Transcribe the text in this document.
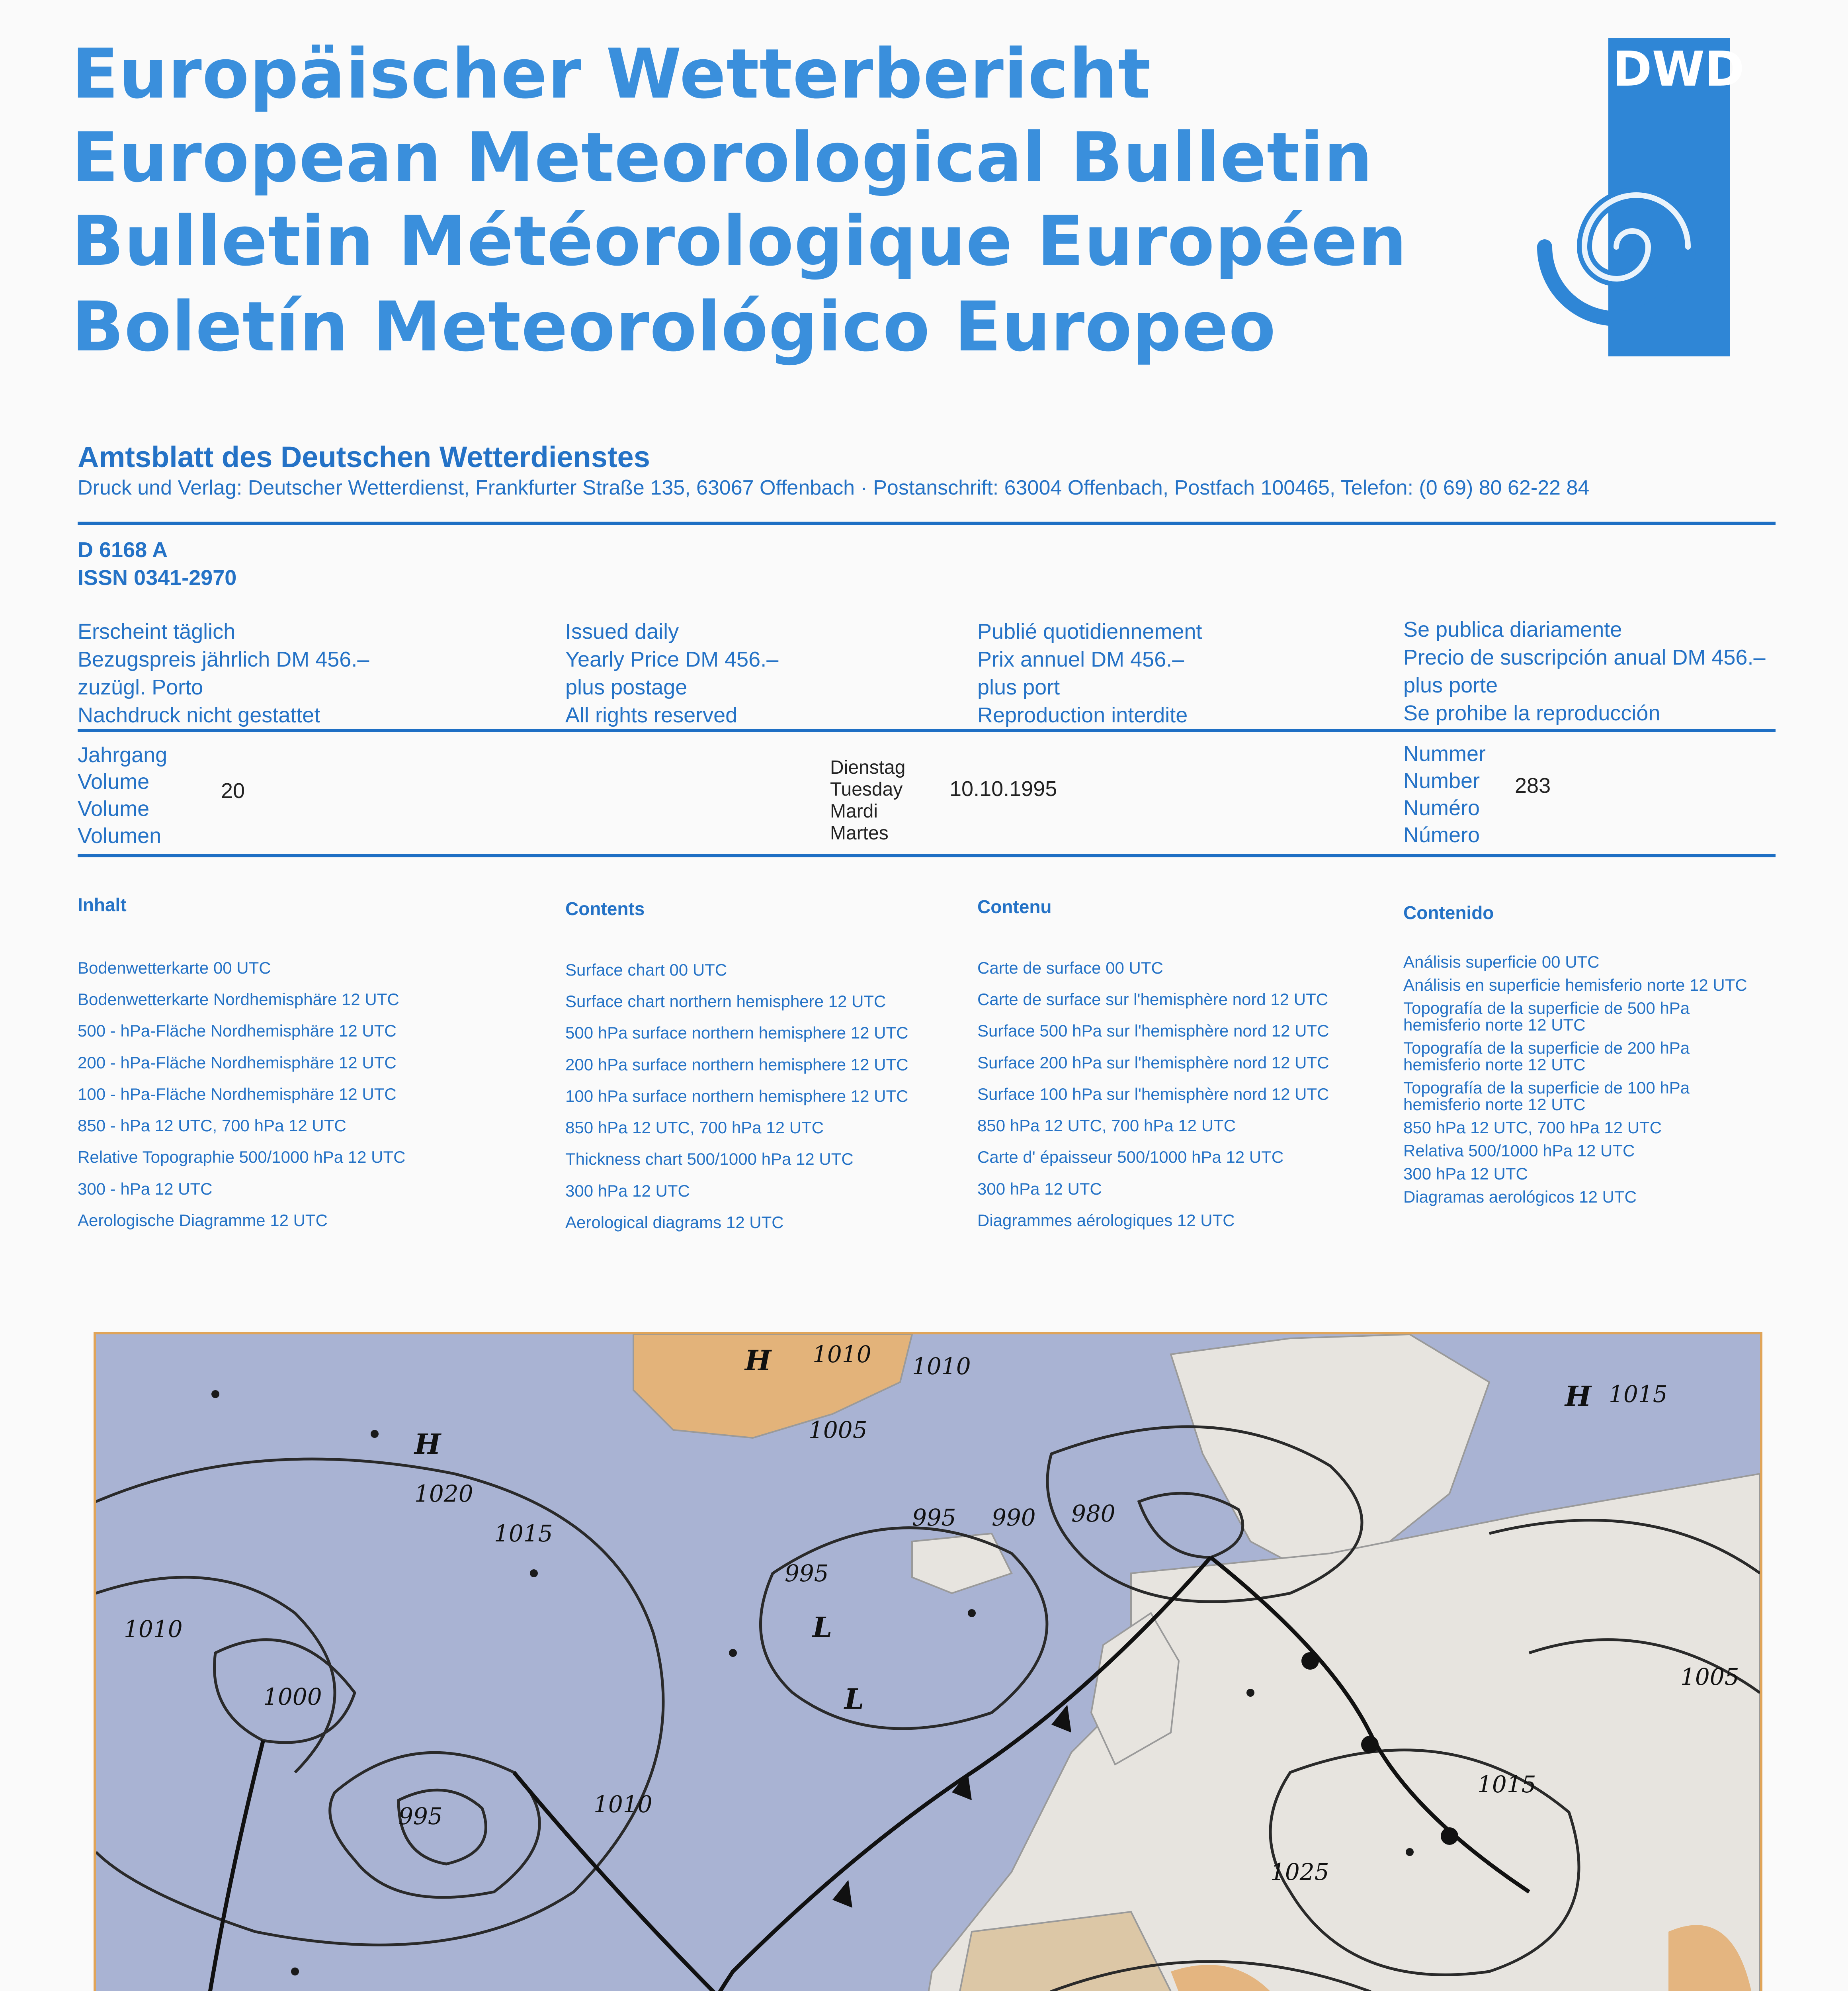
Europäischer Wetterbericht
European Meteorological Bulletin
Bulletin Météorologique Européen
Boletín Meteorológico Europeo
DWD
Amtsblatt des Deutschen Wetterdienstes
Druck und Verlag: Deutscher Wetterdienst, Frankfurter Straße 135, 63067 Offenbach · Postanschrift: 63004 Offenbach, Postfach 100465, Telefon: (0 69) 80 62-22 84
D 6168 A
ISSN 0341-2970
Erscheint täglich
Bezugspreis jährlich DM 456.–
zuzügl. Porto
Nachdruck nicht gestattet
Issued daily
Yearly Price DM 456.–
plus postage
All rights reserved
Publié quotidiennement
Prix annuel DM 456.–
plus port
Reproduction interdite
Se publica diariamente
Precio de suscripción anual DM 456.–
plus porte
Se prohibe la reproducción
Jahrgang
Volume
Volume
Volumen
20
Dienstag
Tuesday
Mardi
Martes
10.10.1995
Nummer
Number
Numéro
Número
283
Inhalt
Bodenwetterkarte 00 UTC
Bodenwetterkarte Nordhemisphäre 12 UTC
500 - hPa-Fläche Nordhemisphäre 12 UTC
200 - hPa-Fläche Nordhemisphäre 12 UTC
100 - hPa-Fläche Nordhemisphäre 12 UTC
850 - hPa 12 UTC, 700 hPa 12 UTC
Relative Topographie 500/1000 hPa 12 UTC
300 - hPa 12 UTC
Aerologische Diagramme 12 UTC
Contents
Surface chart 00 UTC
Surface chart northern hemisphere 12 UTC
500 hPa surface northern hemisphere 12 UTC
200 hPa surface northern hemisphere 12 UTC
100 hPa surface northern hemisphere 12 UTC
850 hPa 12 UTC, 700 hPa 12 UTC
Thickness chart 500/1000 hPa 12 UTC
300 hPa 12 UTC
Aerological diagrams 12 UTC
Contenu
Carte de surface 00 UTC
Carte de surface sur l'hemisphère nord 12 UTC
Surface 500 hPa sur l'hemisphère nord 12 UTC
Surface 200 hPa sur l'hemisphère nord 12 UTC
Surface 100 hPa sur l'hemisphère nord 12 UTC
850 hPa 12 UTC, 700 hPa 12 UTC
Carte d' épaisseur 500/1000 hPa 12 UTC
300 hPa 12 UTC
Diagrammes aérologiques 12 UTC
Contenido
Análisis superficie 00 UTC
Análisis en superficie hemisferio norte 12 UTC
Topografía de la superficie de 500 hPa hemisferio norte 12 UTC
Topografía de la superficie de 200 hPa hemisferio norte 12 UTC
Topografía de la superficie de 100 hPa hemisferio norte 12 UTC
850 hPa 12 UTC, 700 hPa 12 UTC
Relativa 500/1000 hPa 12 UTC
300 hPa 12 UTC
Diagramas aerológicos 12 UTC
1010 1010
1005
1020
1015
995 990 980
995
1010
1000
995	1010
1025
1015
1005
1015
H
H
L
L
H
